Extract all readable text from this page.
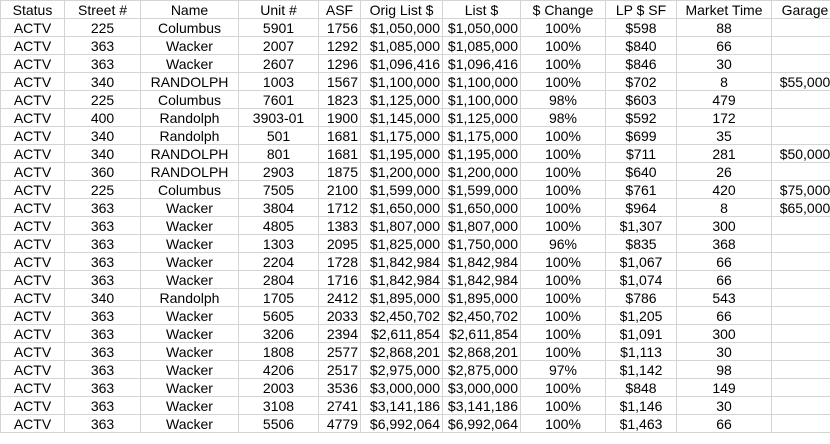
Status	Street #	Name	Unit #	ASF	Orig List $	List $	$ Change	LP $ SF	Market Time	Garage
ACTV	225	Columbus	5901	1756	$1,050,000	$1,050,000	100%	$598	88	
ACTV	363	Wacker	2007	1292	$1,085,000	$1,085,000	100%	$840	66	
ACTV	363	Wacker	2607	1296	$1,096,416	$1,096,416	100%	$846	30	
ACTV	340	RANDOLPH	1003	1567	$1,100,000	$1,100,000	100%	$702	8	$55,000
ACTV	225	Columbus	7601	1823	$1,125,000	$1,100,000	98%	$603	479	
ACTV	400	Randolph	3903-01	1900	$1,145,000	$1,125,000	98%	$592	172	
ACTV	340	Randolph	501	1681	$1,175,000	$1,175,000	100%	$699	35	
ACTV	340	RANDOLPH	801	1681	$1,195,000	$1,195,000	100%	$711	281	$50,000
ACTV	360	RANDOLPH	2903	1875	$1,200,000	$1,200,000	100%	$640	26	
ACTV	225	Columbus	7505	2100	$1,599,000	$1,599,000	100%	$761	420	$75,000
ACTV	363	Wacker	3804	1712	$1,650,000	$1,650,000	100%	$964	8	$65,000
ACTV	363	Wacker	4805	1383	$1,807,000	$1,807,000	100%	$1,307	300	
ACTV	363	Wacker	1303	2095	$1,825,000	$1,750,000	96%	$835	368	
ACTV	363	Wacker	2204	1728	$1,842,984	$1,842,984	100%	$1,067	66	
ACTV	363	Wacker	2804	1716	$1,842,984	$1,842,984	100%	$1,074	66	
ACTV	340	Randolph	1705	2412	$1,895,000	$1,895,000	100%	$786	543	
ACTV	363	Wacker	5605	2033	$2,450,702	$2,450,702	100%	$1,205	66	
ACTV	363	Wacker	3206	2394	$2,611,854	$2,611,854	100%	$1,091	300	
ACTV	363	Wacker	1808	2577	$2,868,201	$2,868,201	100%	$1,113	30	
ACTV	363	Wacker	4206	2517	$2,975,000	$2,875,000	97%	$1,142	98	
ACTV	363	Wacker	2003	3536	$3,000,000	$3,000,000	100%	$848	149	
ACTV	363	Wacker	3108	2741	$3,141,186	$3,141,186	100%	$1,146	30	
ACTV	363	Wacker	5506	4779	$6,992,064	$6,992,064	100%	$1,463	66	
